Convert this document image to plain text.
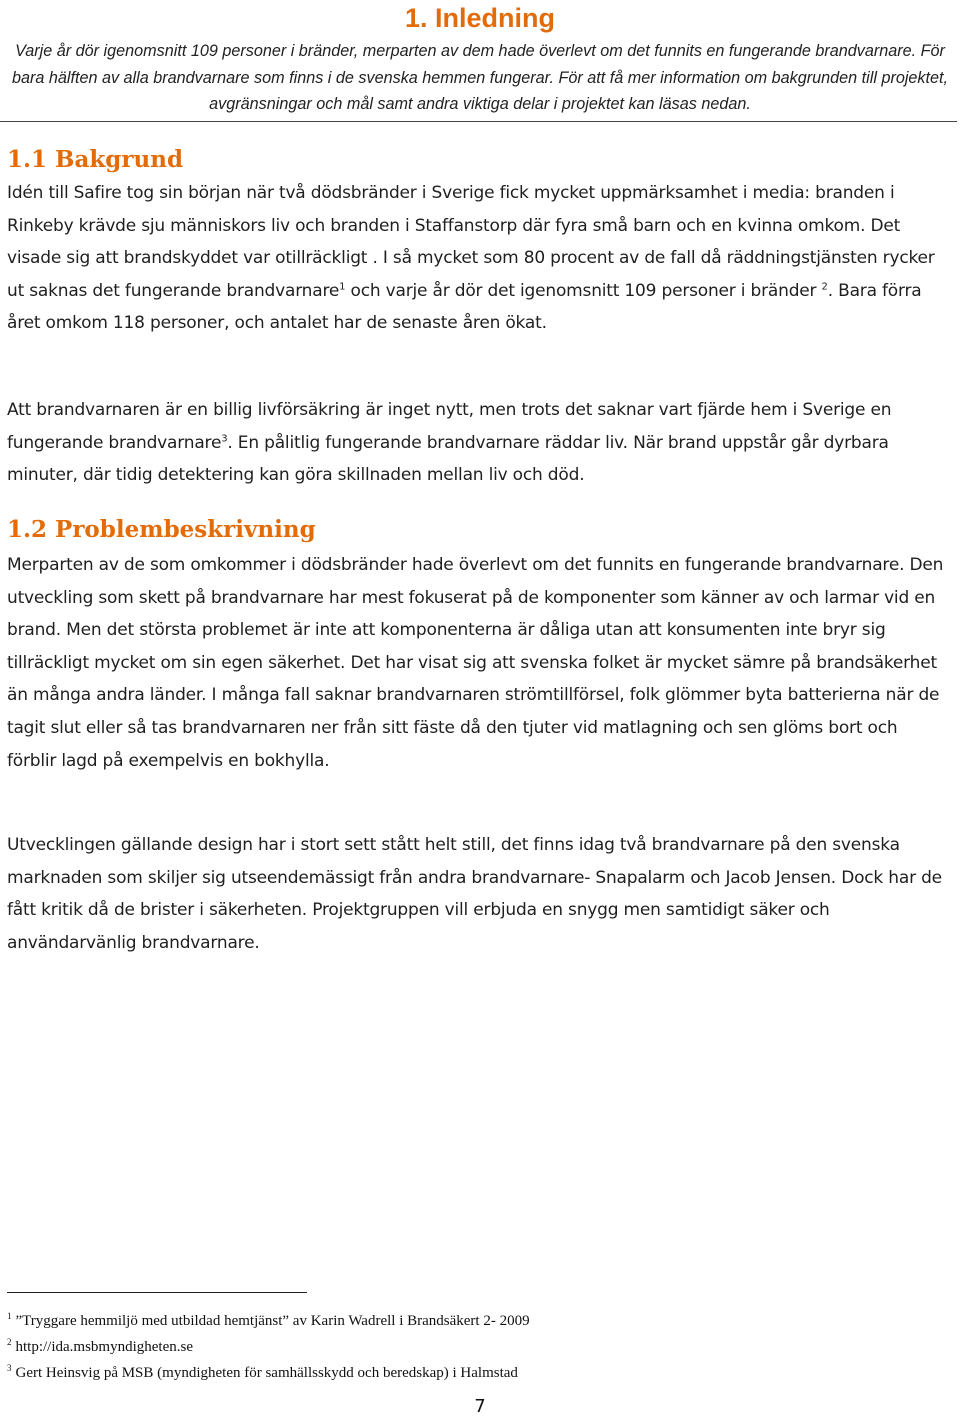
1. Inledning

Varje år dör igenomsnitt 109 personer i bränder, merparten av dem hade överlevt om det funnits en fungerande brandvarnare. För bara hälften av alla brandvarnare som finns i de svenska hemmen fungerar. För att få mer information om bakgrunden till projektet, avgränsningar och mål samt andra viktiga delar i projektet kan läsas nedan.

1.1 Bakgrund

Idén till Safire tog sin början när två dödsbränder i Sverige fick mycket uppmärksamhet i media: branden i Rinkeby krävde sju människors liv och branden i Staffanstorp där fyra små barn och en kvinna omkom. Det visade sig att brandskyddet var otillräckligt . I så mycket som 80 procent av de fall då räddningstjänsten rycker ut saknas det fungerande brandvarnare$^1$ och varje år dör det igenomsnitt 109 personer i bränder $^2$. Bara förra året omkom 118 personer, och antalet har de senaste åren ökat.

Att brandvarnaren är en billig livförsäkring är inget nytt, men trots det saknar vart fjärde hem i Sverige en fungerande brandvarnare$^3$. En pålitlig fungerande brandvarnare räddar liv. När brand uppstår går dyrbara minuter, där tidig detektering kan göra skillnaden mellan liv och död.

1.2 Problembeskrivning

Merparten av de som omkommer i dödsbränder hade överlevt om det funnits en fungerande brandvarnare. Den utveckling som skett på brandvarnare har mest fokuserat på de komponenter som känner av och larmar vid en brand. Men det största problemet är inte att komponenterna är dåliga utan att konsumenten inte bryr sig tillräckligt mycket om sin egen säkerhet. Det har visat sig att svenska folket är mycket sämre på brandsäkerhet än många andra länder. I många fall saknar brandvarnaren strömtillförsel, folk glömmer byta batterierna när de tagit slut eller så tas brandvarnaren ner från sitt fäste då den tjuter vid matlagning och sen glöms bort och förblir lagd på exempelvis en bokhylla.

Utvecklingen gällande design har i stort sett stått helt still, det finns idag två brandvarnare på den svenska marknaden som skiljer sig utseendemässigt från andra brandvarnare- Snapalarm och Jacob Jensen. Dock har de fått kritik då de brister i säkerheten. Projektgruppen vill erbjuda en snygg men samtidigt säker och användarvänlig brandvarnare.

$^1$ ”Tryggare hemmiljö med utbildad hemtjänst” av Karin Wadrell i Brandsäkert 2- 2009
$^2$ http://ida.msbmyndigheten.se
$^3$ Gert Heinsvig på MSB (myndigheten för samhällsskydd och beredskap) i Halmstad
7
